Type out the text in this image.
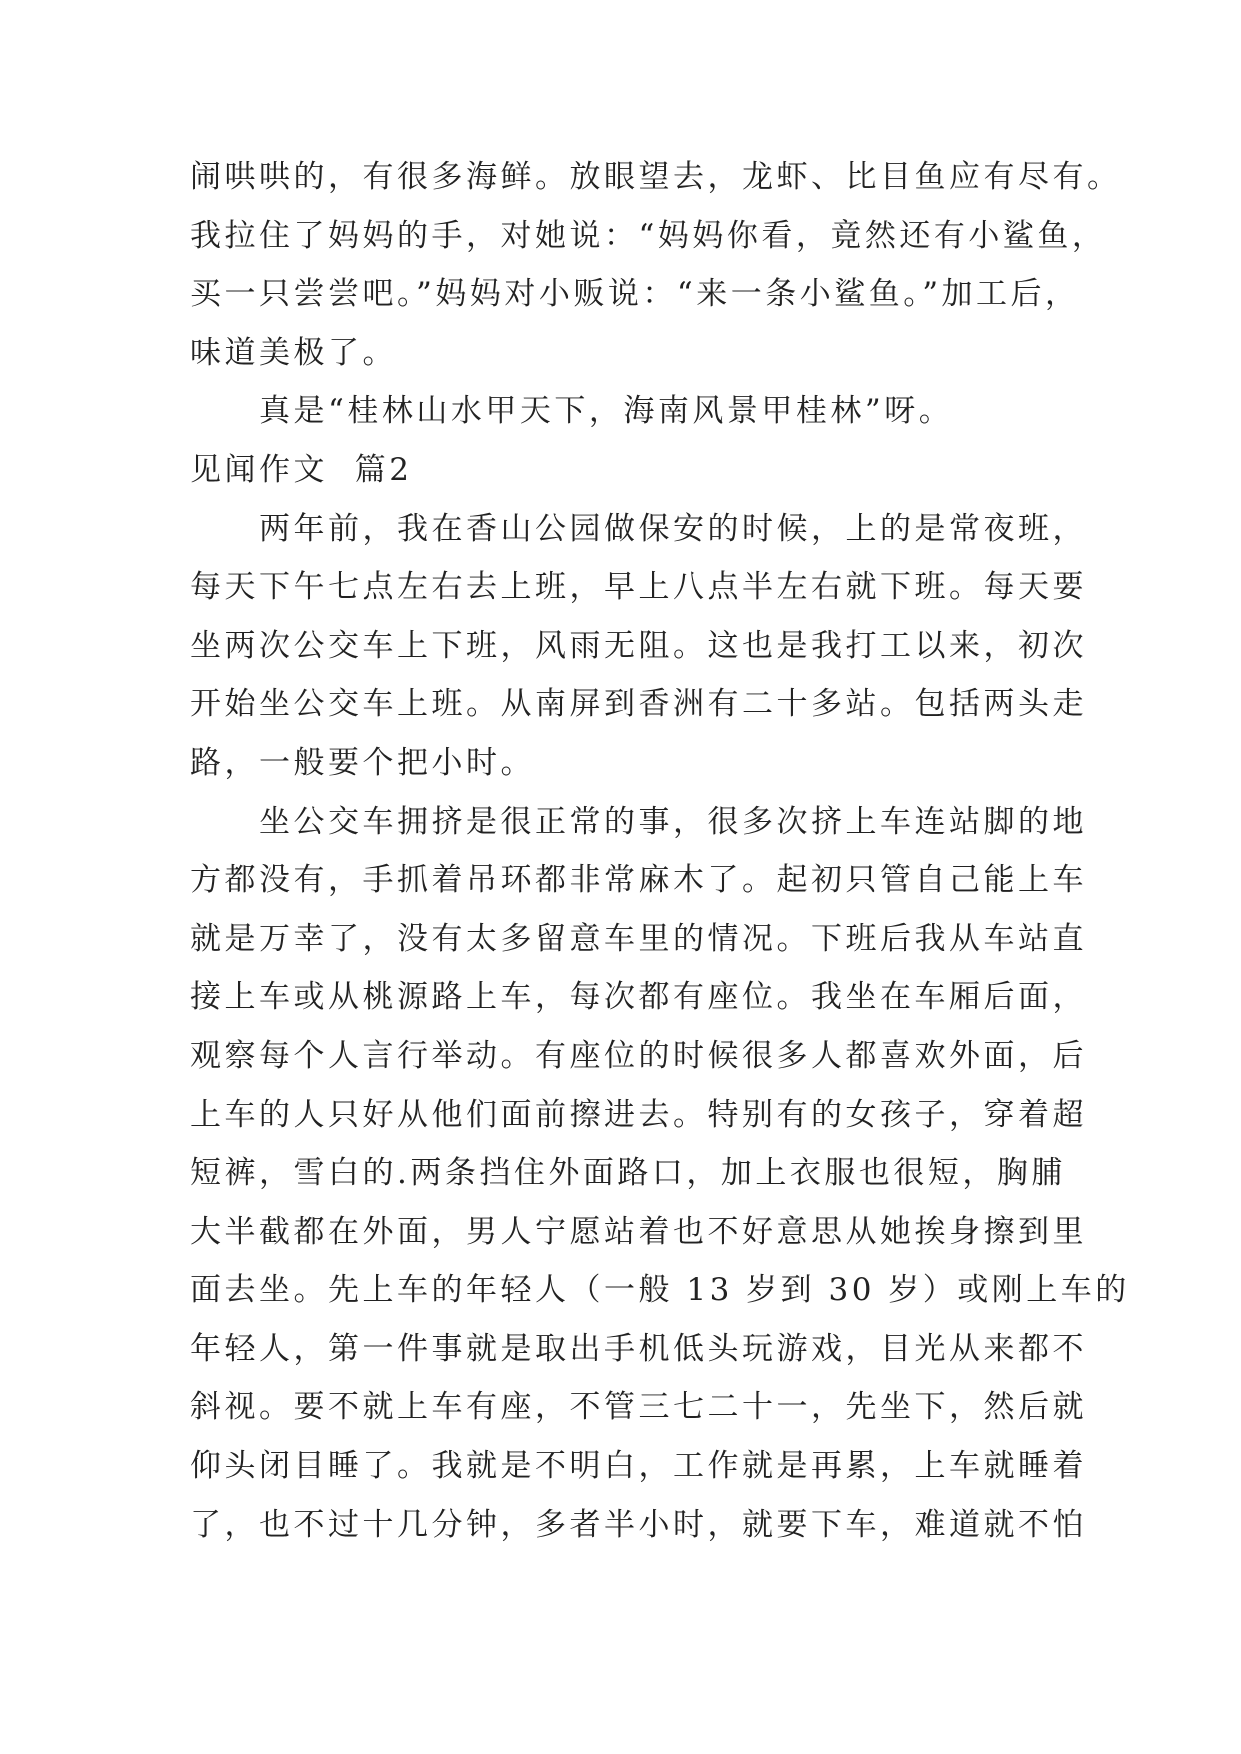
闹哄哄的，有很多海鲜。放眼望去，龙虾、比目鱼应有尽有。
我拉住了妈妈的手，对她说：“妈妈你看，竟然还有小鲨鱼，
买一只尝尝吧。”妈妈对小贩说：“来一条小鲨鱼。”加工后，
味道美极了。
真是“桂林山水甲天下，海南风景甲桂林”呀。
见闻作文  篇2
两年前，我在香山公园做保安的时候，上的是常夜班，
每天下午七点左右去上班，早上八点半左右就下班。每天要
坐两次公交车上下班，风雨无阻。这也是我打工以来，初次
开始坐公交车上班。从南屏到香洲有二十多站。包括两头走
路，一般要个把小时。
坐公交车拥挤是很正常的事，很多次挤上车连站脚的地
方都没有，手抓着吊环都非常麻木了。起初只管自己能上车
就是万幸了，没有太多留意车里的情况。下班后我从车站直
接上车或从桃源路上车，每次都有座位。我坐在车厢后面，
观察每个人言行举动。有座位的时候很多人都喜欢外面，后
上车的人只好从他们面前擦进去。特别有的女孩子，穿着超
短裤，雪白的.两条挡住外面路口，加上衣服也很短，胸脯
大半截都在外面，男人宁愿站着也不好意思从她挨身擦到里
面去坐。先上车的年轻人（一般 13 岁到 30 岁）或刚上车的
年轻人，第一件事就是取出手机低头玩游戏，目光从来都不
斜视。要不就上车有座，不管三七二十一，先坐下，然后就
仰头闭目睡了。我就是不明白，工作就是再累，上车就睡着
了，也不过十几分钟，多者半小时，就要下车，难道就不怕
